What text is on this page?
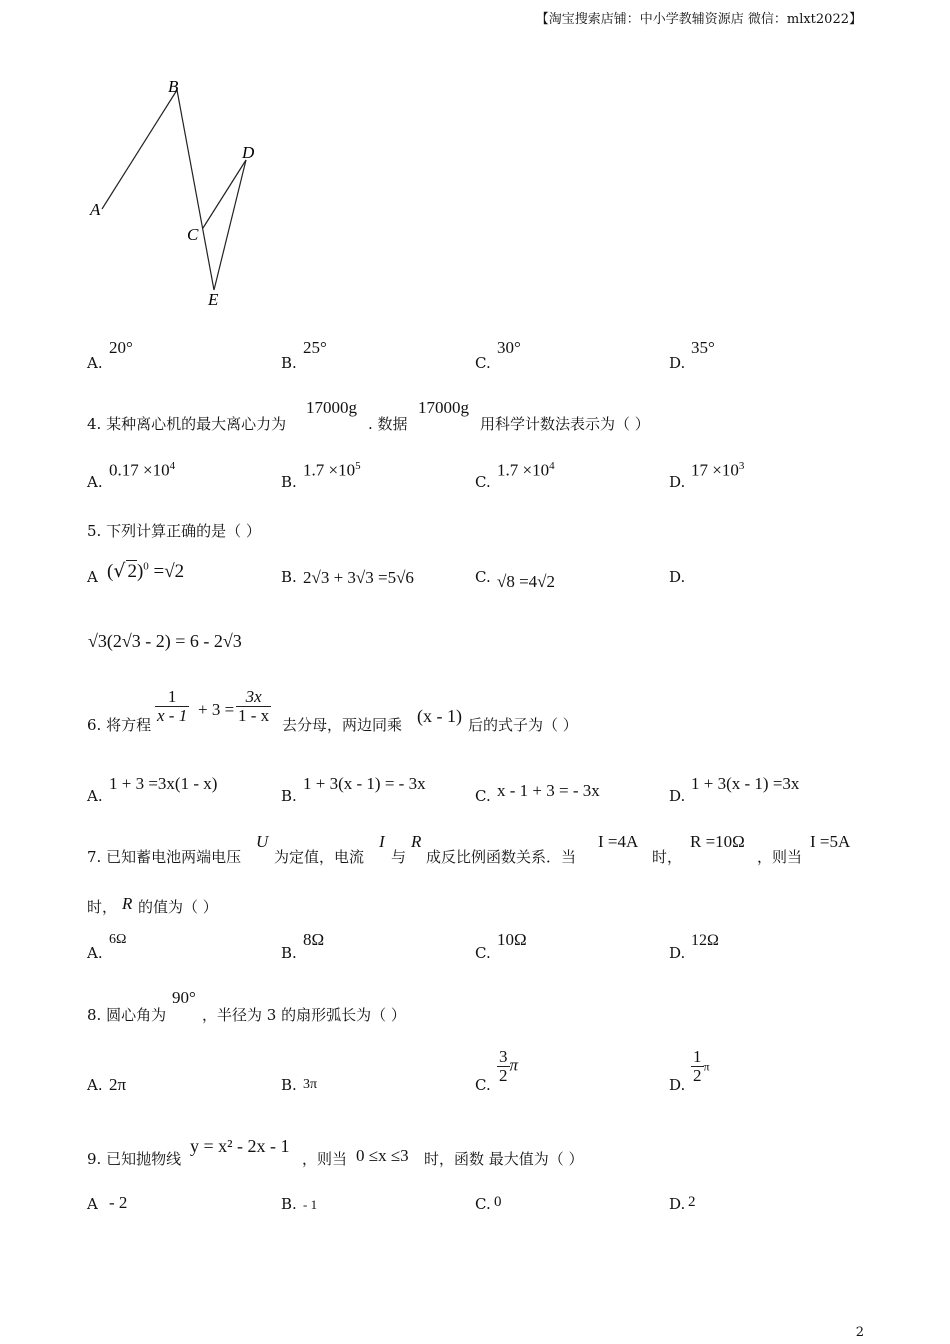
【淘宝搜索店铺：中小学教辅资源店 微信：mlxt2022】
A
B
C
D
E
A.
20°
B.
25°
C.
30°
D.
35°
4. 某种离心机的最大离心力为
17000g
. 数据
17000g
用科学计数法表示为（ ）
A.
$0.17 \times 10^4$
B.
$1.7 \times 10^5$
C.
$1.7 \times 10^4$
D.
$17 \times 10^3$
5. 下列计算正确的是（ ）
A (√ 2)$^0$ =√2	B. 2√3 + 3√3 =5√6	C. √8 =4√2	D.
√3(2√3 - 2) = 6 - 2√3
6. 将方程
$\frac{1}{x - 1} + 3 = \frac{3x}{1 - x}$
去分母，两边同乘 (x - 1) 后的式子为（ ）
A.
1 + 3 =3x(1 - x)
B.
1 + 3(x - 1) = - 3x
C. x - 1 + 3 = - 3x	D.
1 + 3(x - 1) =3x
7. 已知蓄电池两端电压
U
为定值，电流
I
与
R
成反比例函数关系．当
I =4A
时，
R =10Ω
，则当
I =5A
时， R 的值为（ ）
A.
6Ω
B.
8Ω
C.
10Ω
D.
12Ω
8. 圆心角为
90°
，半径为 3 的扇形弧长为（ ）
A. 2π	B. 3π	C.
$\frac{3}{2}$ π
D.
$\frac{1}{2}$ π
9. 已知抛物线
y = x² - 2x - 1
，则当 0 ≤x ≤3 时，函数 最大值为（ ）
A - 2	B. - 1	C. 0	D. 2
2
